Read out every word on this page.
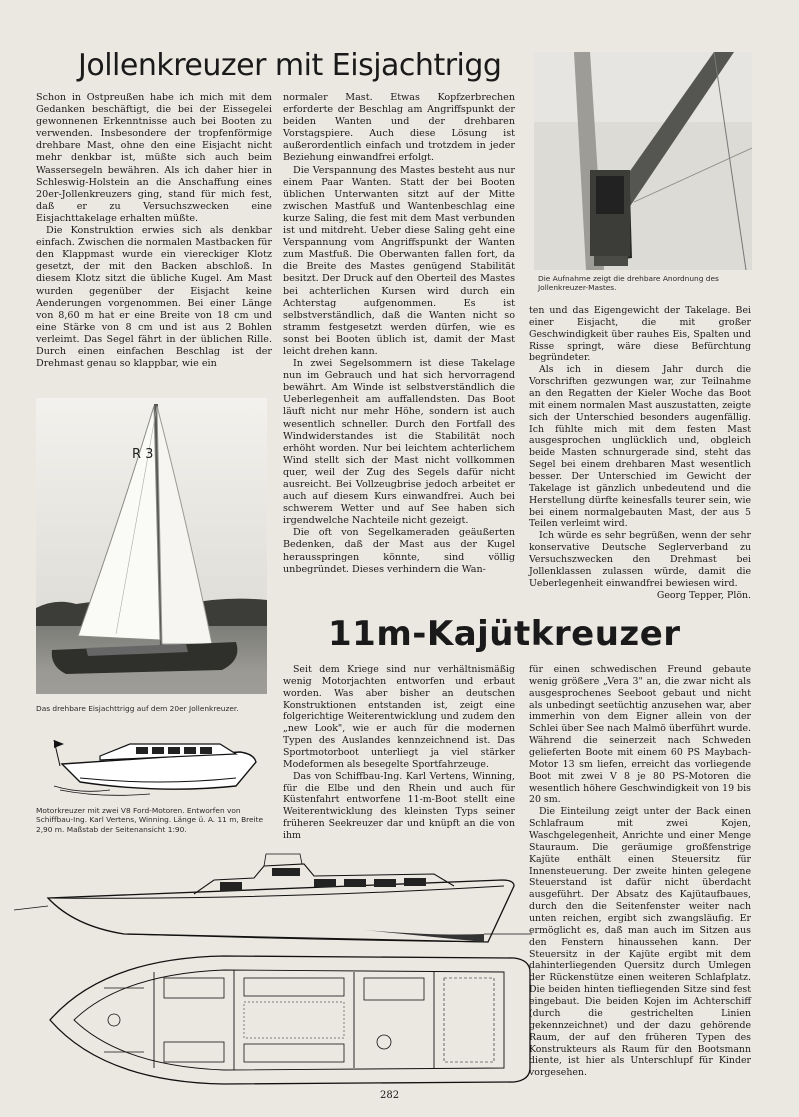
Jollenkreuzer mit Eisjachtrigg

Schon in Ostpreußen habe ich mich mit dem Gedanken beschäftigt, die bei der Eissegelei gewonnenen Erkenntnisse auch bei Booten zu verwenden. Insbesondere der tropfenförmige drehbare Mast, ohne den eine Eisjacht nicht mehr denkbar ist, müßte sich auch beim Wassersegeln bewähren. Als ich daher hier in Schleswig-Holstein an die Anschaffung eines 20er-Jollenkreuzers ging, stand für mich fest, daß er zu Versuchszwecken eine Eisjachttakelage erhalten müßte.

Die Konstruktion erwies sich als denkbar einfach. Zwischen die normalen Mastbacken für den Klappmast wurde ein viereckiger Klotz gesetzt, der mit den Backen abschloß. In diesem Klotz sitzt die übliche Kugel. Am Mast wurden gegenüber der Eisjacht keine Aenderungen vorgenommen. Bei einer Länge von 8,60 m hat er eine Breite von 18 cm und eine Stärke von 8 cm und ist aus 2 Bohlen verleimt. Das Segel fährt in der üblichen Rille. Durch einen einfachen Beschlag ist der Drehmast genau so klappbar, wie ein

R 3
Das drehbare Eisjachttrigg auf dem 20er Jollenkreuzer.

normaler Mast. Etwas Kopfzerbrechen erforderte der Beschlag am Angriffspunkt der beiden Wanten und der drehbaren Vorstagspiere. Auch diese Lösung ist außerordentlich einfach und trotzdem in jeder Beziehung einwandfrei erfolgt.

Die Verspannung des Mastes besteht aus nur einem Paar Wanten. Statt der bei Booten üblichen Unterwanten sitzt auf der Mitte zwischen Mastfuß und Wantenbeschlag eine kurze Saling, die fest mit dem Mast verbunden ist und mitdreht. Ueber diese Saling geht eine Verspannung vom Angriffspunkt der Wanten zum Mastfuß. Die Oberwanten fallen fort, da die Breite des Mastes genügend Stabilität besitzt. Der Druck auf den Oberteil des Mastes bei achterlichen Kursen wird durch ein Achterstag aufgenommen. Es ist selbstverständlich, daß die Wanten nicht so stramm festgesetzt werden dürfen, wie es sonst bei Booten üblich ist, damit der Mast leicht drehen kann.

In zwei Segelsommern ist diese Takelage nun im Gebrauch und hat sich hervorragend bewährt. Am Winde ist selbstverständlich die Ueberlegenheit am auffallendsten. Das Boot läuft nicht nur mehr Höhe, sondern ist auch wesentlich schneller. Durch den Fortfall des Windwiderstandes ist die Stabilität noch erhöht worden. Nur bei leichtem achterlichem Wind stellt sich der Mast nicht vollkommen quer, weil der Zug des Segels dafür nicht ausreicht. Bei Vollzeugbrise jedoch arbeitet er auch auf diesem Kurs einwandfrei. Auch bei schwerem Wetter und auf See haben sich irgendwelche Nachteile nicht gezeigt.

Die oft von Segelkameraden geäußerten Bedenken, daß der Mast aus der Kugel herausspringen könnte, sind völlig unbegründet. Dieses verhindern die Wan-

Die Aufnahme zeigt die drehbare Anordnung des Jollenkreuzer-Mastes.

ten und das Eigengewicht der Takelage. Bei einer Eisjacht, die mit großer Geschwindigkeit über rauhes Eis, Spalten und Risse springt, wäre diese Befürchtung begründeter.

Als ich in diesem Jahr durch die Vorschriften gezwungen war, zur Teilnahme an den Regatten der Kieler Woche das Boot mit einem normalen Mast auszustatten, zeigte sich der Unterschied besonders augenfällig. Ich fühlte mich mit dem festen Mast ausgesprochen unglücklich und, obgleich beide Masten schnurgerade sind, steht das Segel bei einem drehbaren Mast wesentlich besser. Der Unterschied im Gewicht der Takelage ist gänzlich unbedeutend und die Herstellung dürfte keinesfalls teurer sein, wie bei einem normalgebauten Mast, der aus 5 Teilen verleimt wird.

Ich würde es sehr begrüßen, wenn der sehr konservative Deutsche Seglerverband zu Versuchszwecken den Drehmast bei Jollenklassen zulassen würde, damit die Ueberlegenheit einwandfrei bewiesen wird.

Georg Tepper, Plön.
11m-Kajütkreuzer
Motorkreuzer mit zwei V8 Ford-Motoren. Entworfen von Schiffbau-Ing. Karl Vertens, Winning. Länge ü. A. 11 m, Breite 2,90 m. Maßstab der Seitenansicht 1:90.

Seit dem Kriege sind nur verhältnismäßig wenig Motorjachten entworfen und erbaut worden. Was aber bisher an deutschen Konstruktionen entstanden ist, zeigt eine folgerichtige Weiterentwicklung und zudem den „new Look", wie er auch für die modernen Typen des Auslandes kennzeichnend ist. Das Sportmotorboot unterliegt ja viel stärker Modeformen als besegelte Sportfahrzeuge.

Das von Schiffbau-Ing. Karl Vertens, Winning, für die Elbe und den Rhein und auch für Küstenfahrt entworfene 11-m-Boot stellt eine Weiterentwicklung des kleinsten Typs seiner früheren Seekreuzer dar und knüpft an die von ihm

für einen schwedischen Freund gebaute wenig größere „Vera 3" an, die zwar nicht als ausgesprochenes Seeboot gebaut und nicht als unbedingt seetüchtig anzusehen war, aber immerhin von dem Eigner allein von der Schlei über See nach Malmö überführt wurde. Während die seinerzeit nach Schweden gelieferten Boote mit einem 60 PS Maybach-Motor 13 sm liefen, erreicht das vorliegende Boot mit zwei V 8 je 80 PS-Motoren die wesentlich höhere Geschwindigkeit von 19 bis 20 sm.

Die Einteilung zeigt unter der Back einen Schlafraum mit zwei Kojen, Waschgelegenheit, Anrichte und einer Menge Stauraum. Die geräumige großfenstrige Kajüte enthält einen Steuersitz für Innensteuerung. Der zweite hinten gelegene Steuerstand ist dafür nicht überdacht ausgeführt. Der Absatz des Kajütaufbaues, durch den die Seitenfenster weiter nach unten reichen, ergibt sich zwangsläufig. Er ermöglicht es, daß man auch im Sitzen aus den Fenstern hinaussehen kann. Der Steuersitz in der Kajüte ergibt mit dem dahinterliegenden Quersitz durch Umlegen der Rückenstütze einen weiteren Schlafplatz. Die beiden hinten tiefliegenden Sitze sind fest eingebaut. Die beiden Kojen im Achterschiff (durch die gestrichelten Linien gekennzeichnet) und der dazu gehörende Raum, der auf den früheren Typen des Konstrukteurs als Raum für den Bootsmann diente, ist hier als Unterschlupf für Kinder vorgesehen.

282
